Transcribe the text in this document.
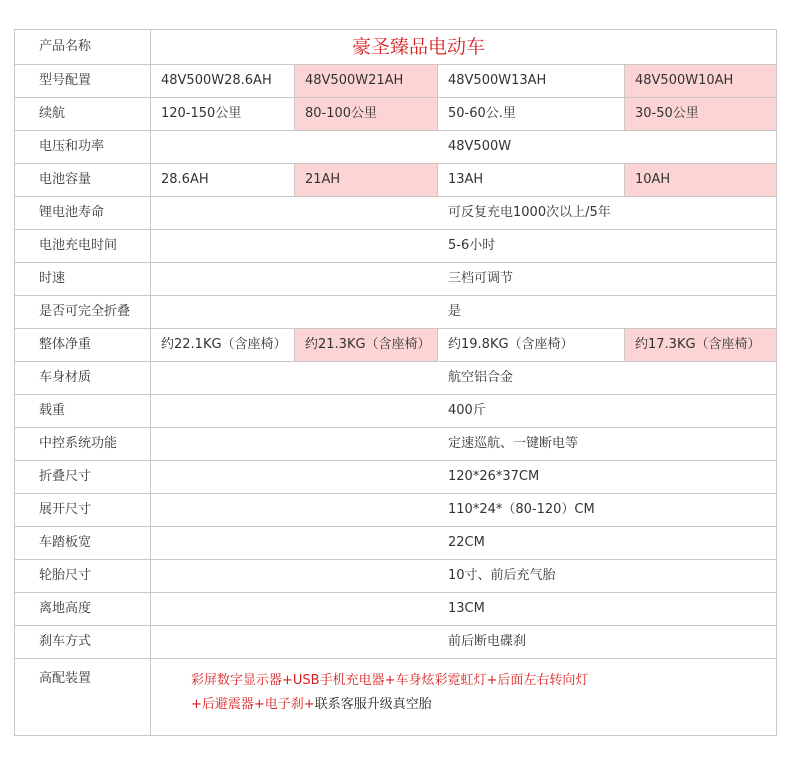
产品名称	豪圣臻品电动车			
型号配置	48V500W28.6AH	48V500W21AH	48V500W13AH	48V500W10AH
续航	120-150公里	80-100公里	50-60公.里	30-50公里
电压和功率	48V500W			
电池容量	28.6AH	21AH	13AH	10AH
锂电池寿命	可反复充电1000次以上/5年			
电池充电时间	5-6小时			
时速	三档可调节			
是否可完全折叠	是			
整体净重	约22.1KG（含座椅）	约21.3KG（含座椅）	约19.8KG（含座椅）	约17.3KG（含座椅）
车身材质	航空铝合金			
载重	400斤			
中控系统功能	定速巡航、一键断电等			
折叠尺寸	120*26*37CM			
展开尺寸	110*24*（80-120）CM			
车踏板宽	22CM			
轮胎尺寸	10寸、前后充气胎			
离地高度	13CM			
刹车方式	前后断电碟刹			
高配装置	彩屏数字显示器+USB手机充电器+车身炫彩霓虹灯+后面左右转向灯
+后避震器+电子刹+联系客服升级真空胎			
